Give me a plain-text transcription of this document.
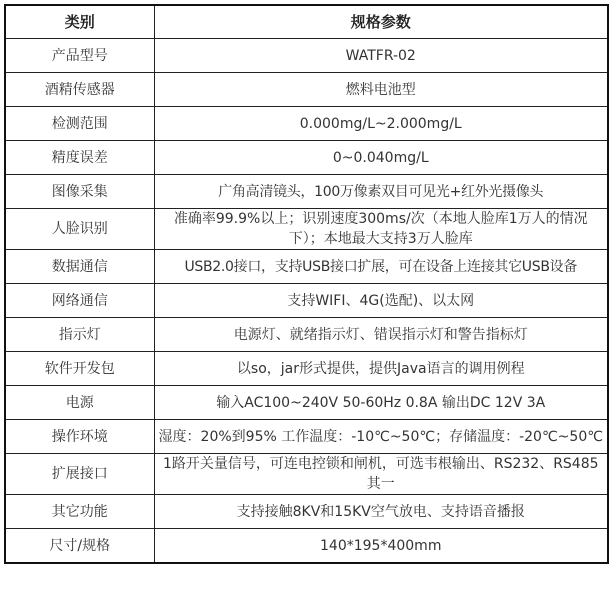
类别	规格参数
产品型号	WATFR-02
酒精传感器	燃料电池型
检测范围	0.000mg/L~2.000mg/L
精度误差	0~0.040mg/L
图像采集	广角高清镜头，100万像素双目可见光+红外光摄像头
人脸识别	准确率99.9%以上；识别速度300ms/次（本地人脸库1万人的情况下）；本地最大支持3万人脸库
数据通信	USB2.0接口，支持USB接口扩展，可在设备上连接其它USB设备
网络通信	支持WIFI、4G(选配)、以太网
指示灯	电源灯、就绪指示灯、错误指示灯和警告指标灯
软件开发包	以so，jar形式提供，提供Java语言的调用例程
电源	输入AC100~240V 50-60Hz 0.8A 输出DC 12V 3A
操作环境	湿度：20%到95% 工作温度：-10℃~50℃；存储温度：-20℃~50℃
扩展接口	1路开关量信号，可连电控锁和闸机，可选韦根输出、RS232、RS485其一
其它功能	支持接触8KV和15KV空气放电、支持语音播报
尺寸/规格	140*195*400mm
